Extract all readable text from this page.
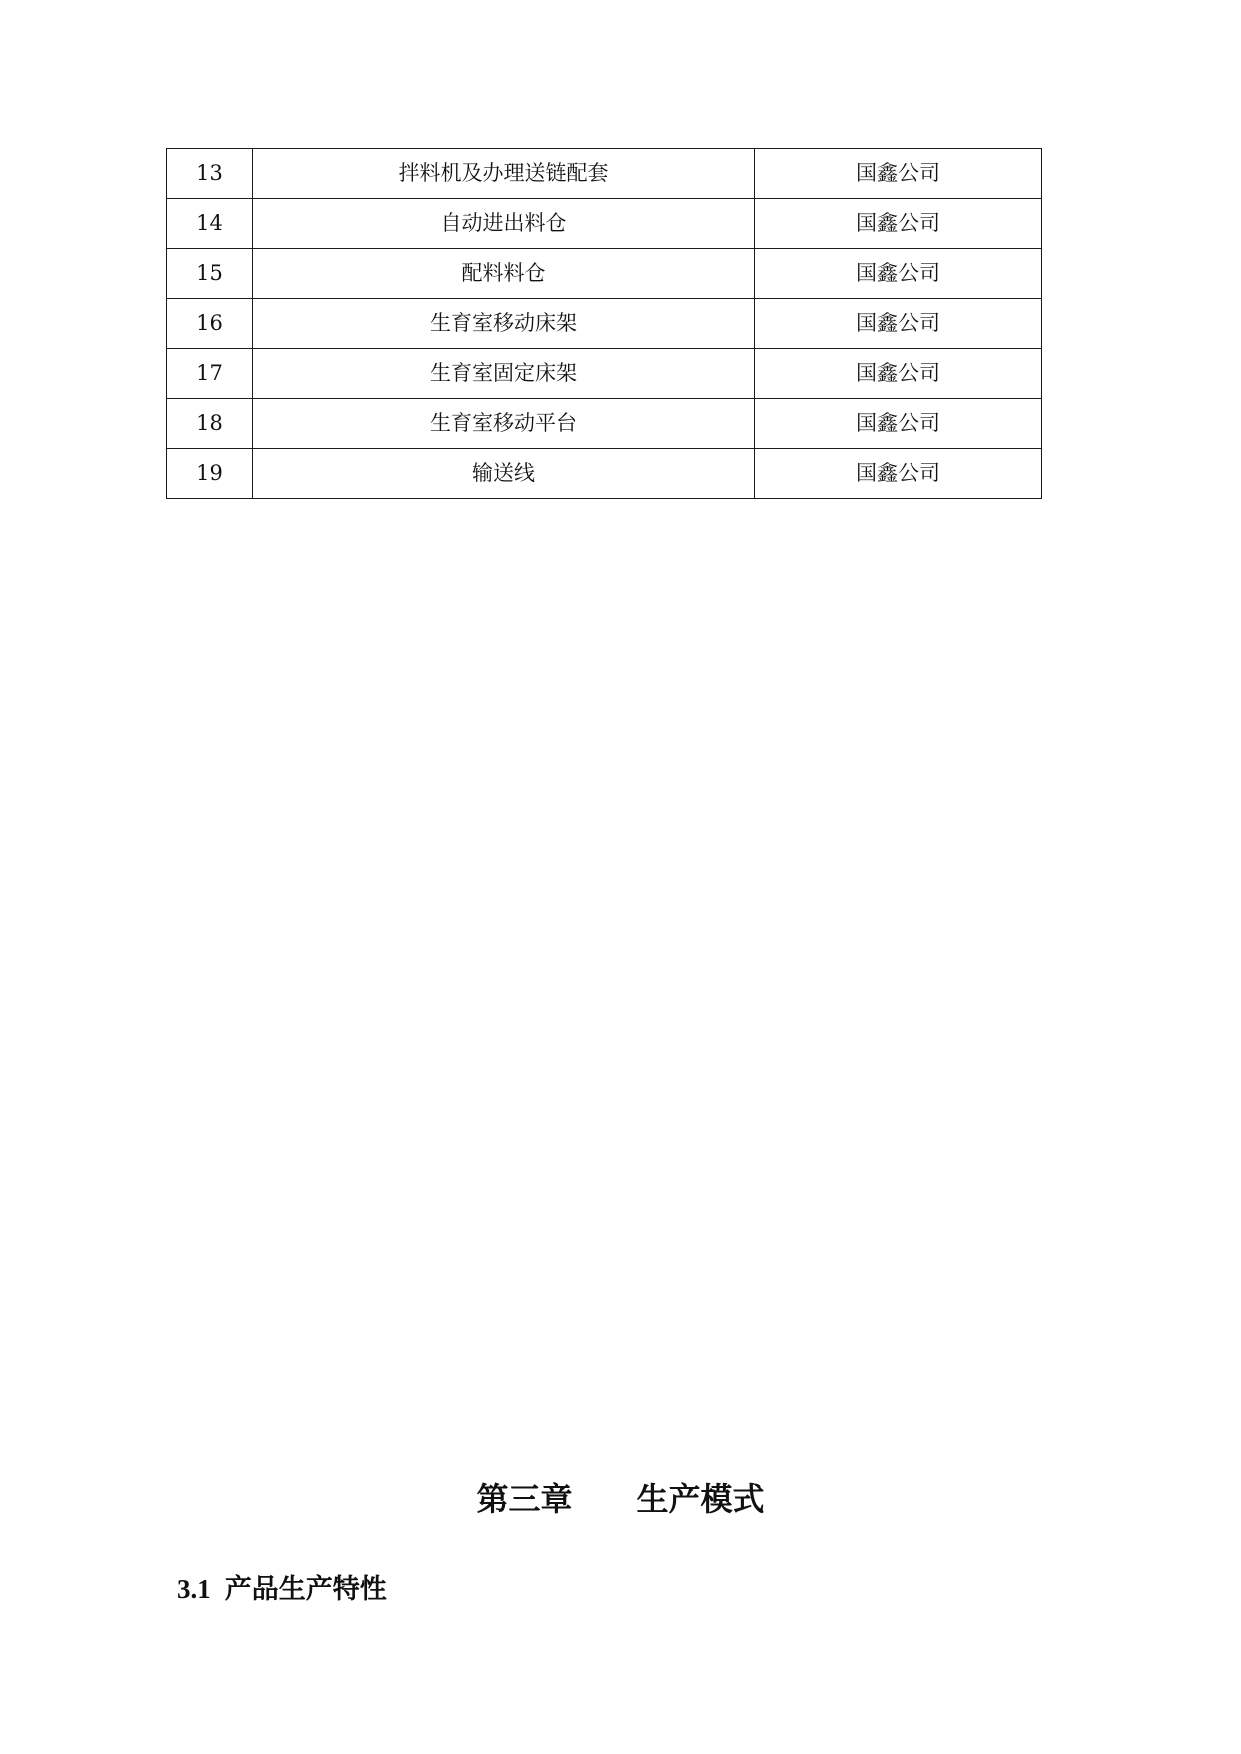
13	拌料机及办理送链配套	国鑫公司
14	自动进出料仓	国鑫公司
15	配料料仓	国鑫公司
16	生育室移动床架	国鑫公司
17	生育室固定床架	国鑫公司
18	生育室移动平台	国鑫公司
19	输送线	国鑫公司
第三章 生产模式
3.1 产品生产特性
